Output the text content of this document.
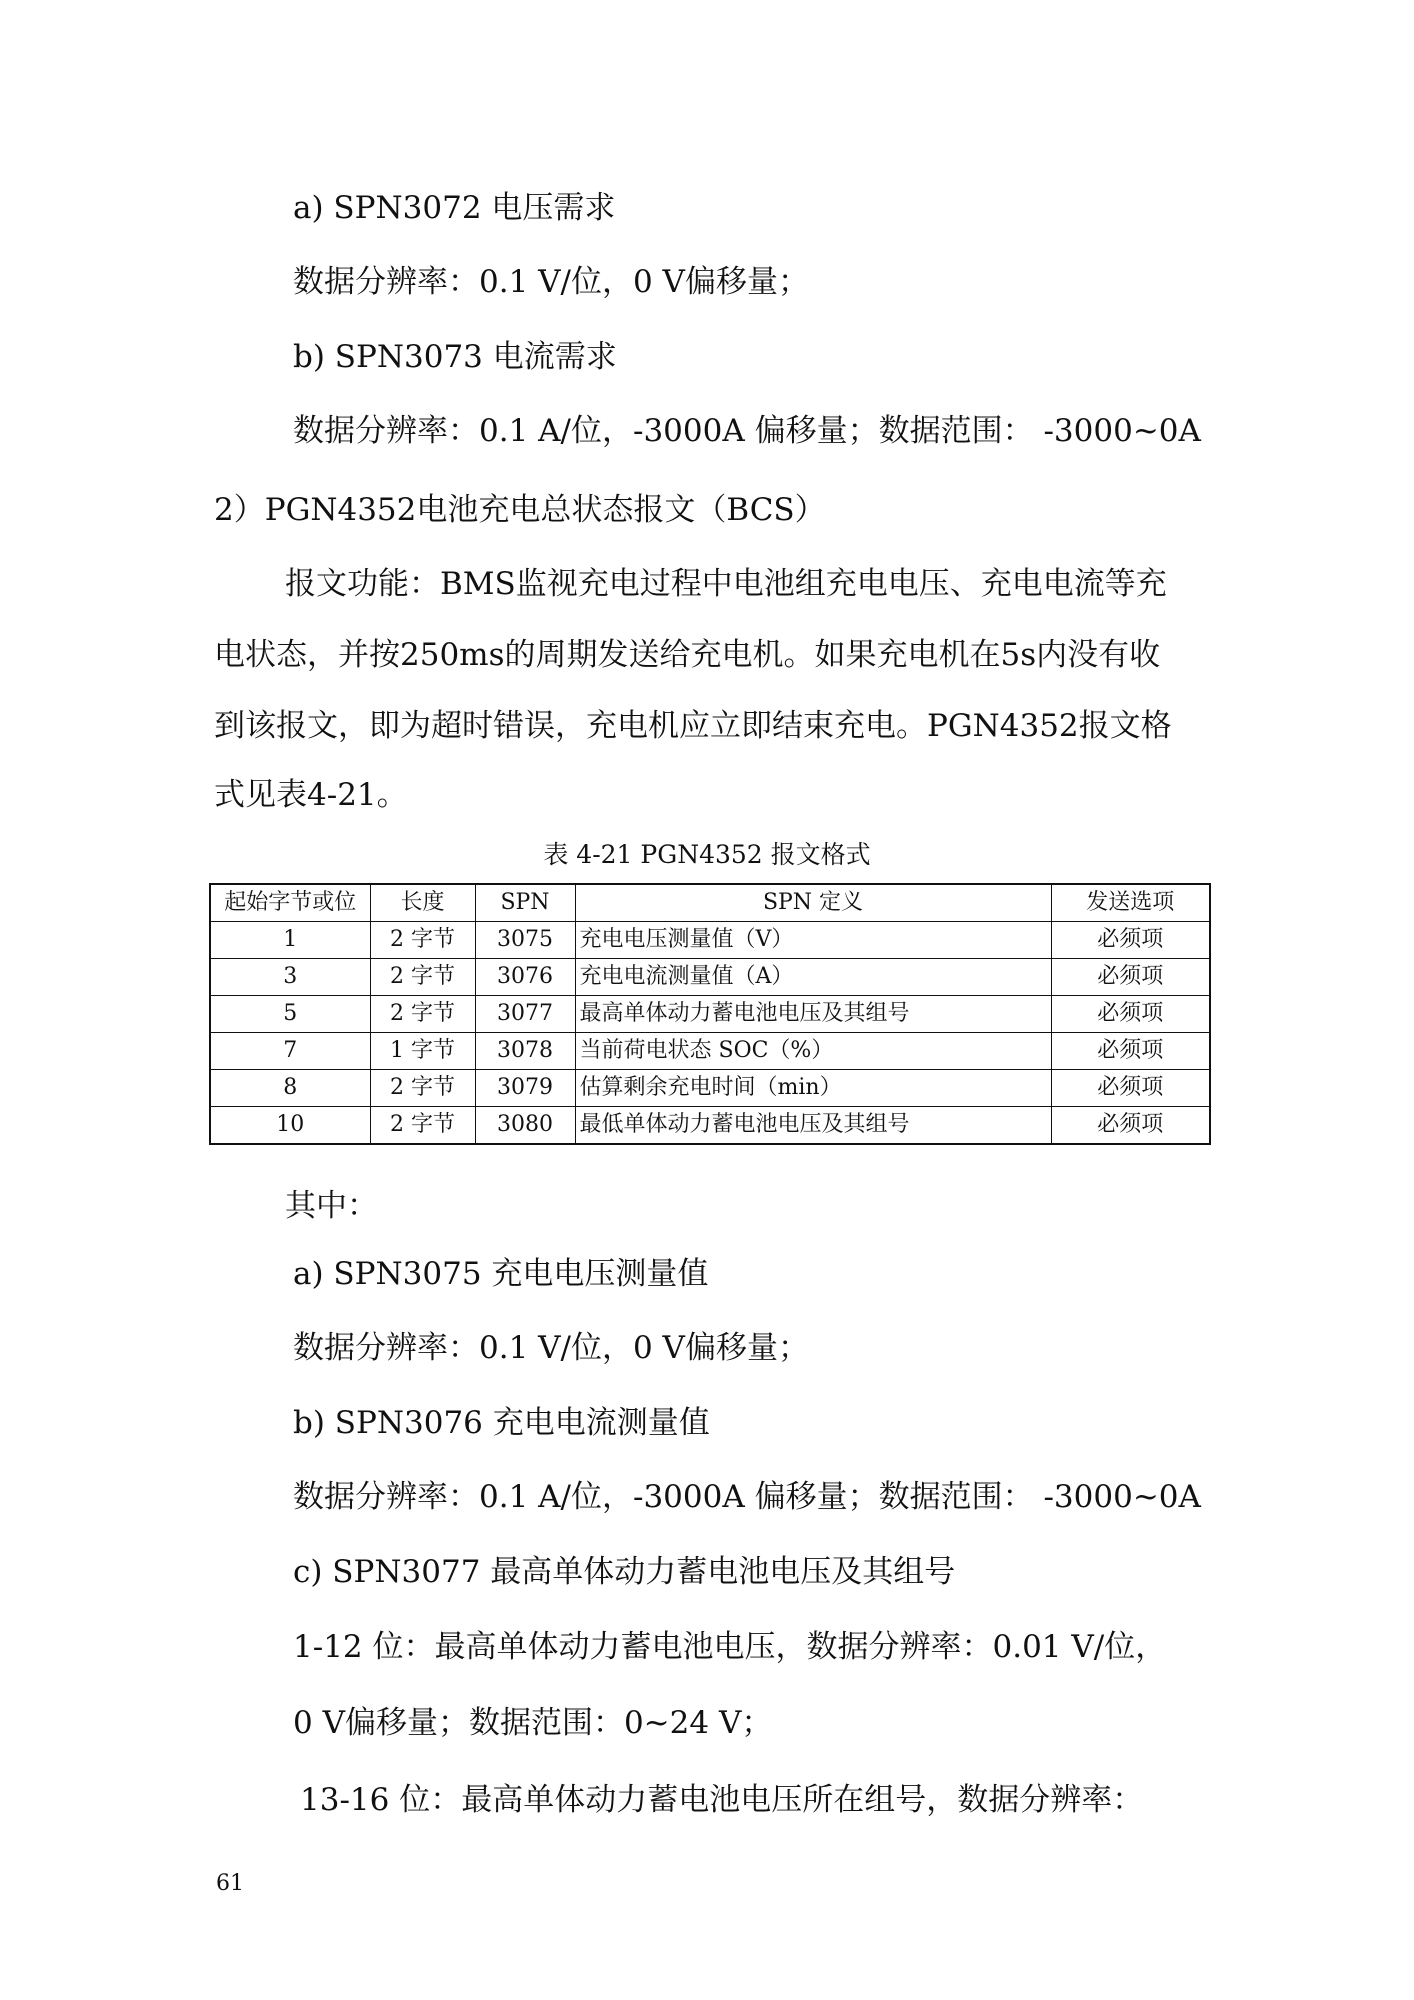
a) SPN3072 电压需求
数据分辨率：0.1 V/位，0 V偏移量；
b) SPN3073 电流需求
数据分辨率：0.1 A/位，-3000A 偏移量；数据范围： -3000~0A
2）PGN4352电池充电总状态报文（BCS）
报文功能：BMS监视充电过程中电池组充电电压、充电电流等充
电状态，并按250ms的周期发送给充电机。如果充电机在5s内没有收
到该报文，即为超时错误，充电机应立即结束充电。PGN4352报文格
式见表4-21。
表 4-21 PGN4352 报文格式
起始字节或位	长度	SPN	SPN 定义	发送选项
1	2 字节	3075	充电电压测量值（V）	必须项
3	2 字节	3076	充电电流测量值（A）	必须项
5	2 字节	3077	最高单体动力蓄电池电压及其组号	必须项
7	1 字节	3078	当前荷电状态 SOC（%）	必须项
8	2 字节	3079	估算剩余充电时间（min）	必须项
10	2 字节	3080	最低单体动力蓄电池电压及其组号	必须项
其中：
a) SPN3075 充电电压测量值
数据分辨率：0.1 V/位，0 V偏移量；
b) SPN3076 充电电流测量值
数据分辨率：0.1 A/位，-3000A 偏移量；数据范围： -3000~0A
c) SPN3077 最高单体动力蓄电池电压及其组号
1-12 位：最高单体动力蓄电池电压，数据分辨率：0.01 V/位，
0 V偏移量；数据范围：0~24 V；
13-16 位：最高单体动力蓄电池电压所在组号，数据分辨率：
61
